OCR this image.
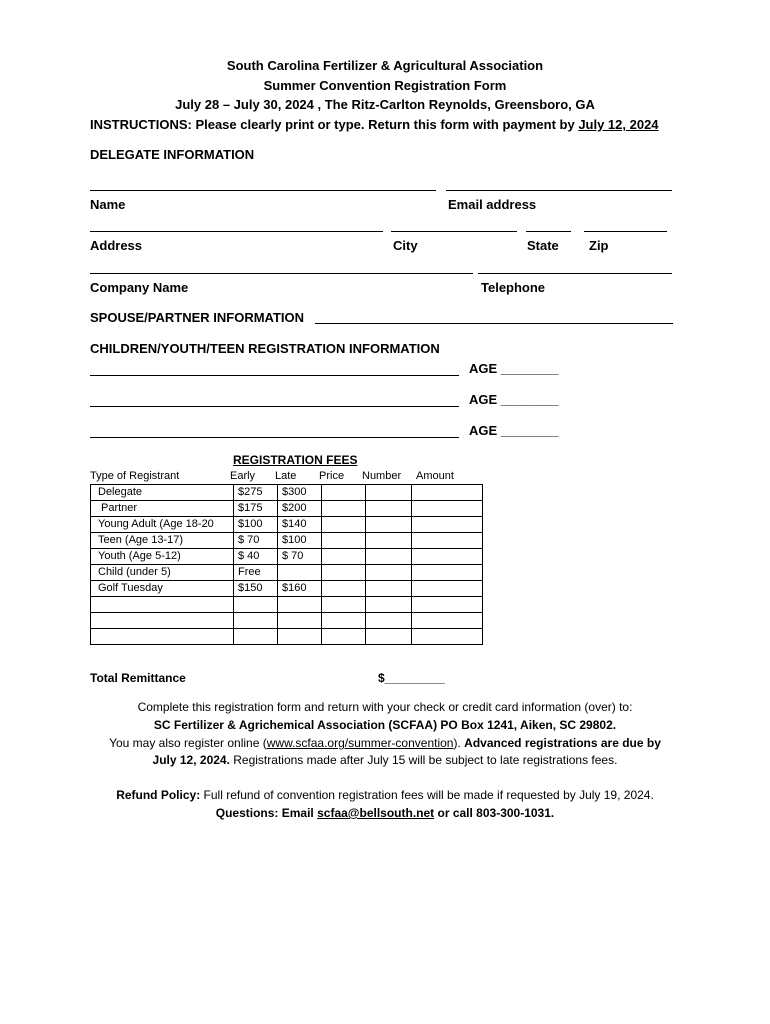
South Carolina Fertilizer & Agricultural Association
Summer Convention Registration Form
July 28 – July 30, 2024 , The Ritz-Carlton Reynolds, Greensboro, GA
INSTRUCTIONS: Please clearly print or type. Return this form with payment by July 12, 2024
DELEGATE INFORMATION
Name	Email address
Address	City	State Zip
Company Name	Telephone
SPOUSE/PARTNER INFORMATION
CHILDREN/YOUTH/TEEN REGISTRATION INFORMATION
AGE ________
AGE ________
AGE ________
REGISTRATION FEES
Type of Registrant	Early Late Price Number Amount
Delegate	$275	$300			
Partner	$175	$200			
Young Adult (Age 18-20	$100	$140			
Teen (Age 13-17)	$ 70	$100			
Youth (Age 5-12)	$ 40	$ 70			
Child (under 5)	Free				
Golf Tuesday	$150	$160			

Total Remittance	$_________
Complete this registration form and return with your check or credit card information (over) to:
SC Fertilizer & Agrichemical Association (SCFAA) PO Box 1241, Aiken, SC 29802.
You may also register online (www.scfaa.org/summer-convention). Advanced registrations are due by
July 12, 2024. Registrations made after July 15 will be subject to late registrations fees.
Refund Policy: Full refund of convention registration fees will be made if requested by July 19, 2024.
Questions: Email scfaa@bellsouth.net or call 803-300-1031.
